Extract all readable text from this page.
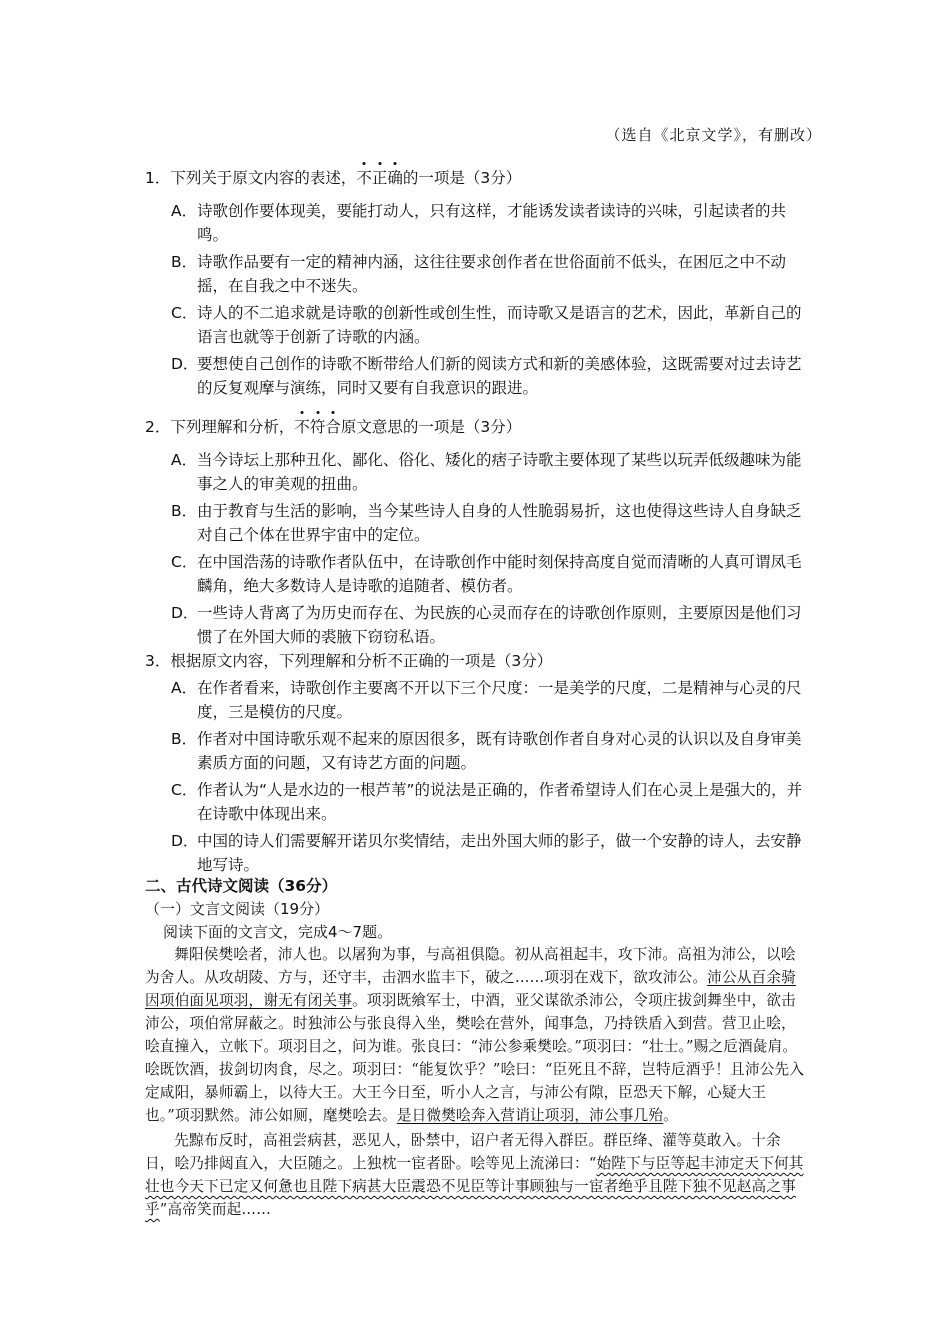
（选自《北京文学》，有删改）

1．下列关于原文内容的表述，不正确的一项是（3分）

A． 诗歌创作要体现美，要能打动人，只有这样，才能诱发读者读诗的兴味，引起读者的共鸣。
B． 诗歌作品要有一定的精神内涵，这往往要求创作者在世俗面前不低头，在困厄之中不动摇，在自我之中不迷失。
C． 诗人的不二追求就是诗歌的创新性或创生性，而诗歌又是语言的艺术，因此，革新自己的语言也就等于创新了诗歌的内涵。
D．
要想使自己创作的诗歌不断带给人们新的阅读方式和新的美感体验，这既需要对过去诗艺的反复观摩与演练，同时又要有自我意识的跟进。

2．下列理解和分析，不符合原文意思的一项是（3分）

A． 当今诗坛上那种丑化、鄙化、俗化、矮化的痞子诗歌主要体现了某些以玩弄低级趣味为能事之人的审美观的扭曲。
B． 由于教育与生活的影响，当今某些诗人自身的人性脆弱易折，这也使得这些诗人自身缺乏对自己个体在世界宇宙中的定位。
C． 在中国浩荡的诗歌作者队伍中，在诗歌创作中能时刻保持高度自觉而清晰的人真可谓凤毛麟角，绝大多数诗人是诗歌的追随者、模仿者。
D．
一些诗人背离了为历史而存在、为民族的心灵而存在的诗歌创作原则，主要原因是他们习惯了在外国大师的裘腋下窃窃私语。

3．根据原文内容，下列理解和分析不正确的一项是（3分）

A． 在作者看来，诗歌创作主要离不开以下三个尺度：一是美学的尺度，二是精神与心灵的尺度，三是模仿的尺度。
B． 作者对中国诗歌乐观不起来的原因很多，既有诗歌创作者自身对心灵的认识以及自身审美素质方面的问题，又有诗艺方面的问题。
C． 作者认为“人是水边的一根芦苇”的说法是正确的，作者希望诗人们在心灵上是强大的，并在诗歌中体现出来。
D．
中国的诗人们需要解开诺贝尔奖情结，走出外国大师的影子，做一个安静的诗人，去安静地写诗。
二、古代诗文阅读（36分）
（一）文言文阅读（19分）
阅读下面的文言文，完成4～7题。

舞阳侯樊哙者，沛人也。以屠狗为事，与高祖俱隐。初从高祖起丰，攻下沛。高祖为沛公，以哙为舍人。从攻胡陵、方与，还守丰，击泗水监丰下，破之……项羽在戏下，欲攻沛公。沛公从百余骑因项伯面见项羽，谢无有闭关事。项羽既飨军士，中酒，亚父谋欲杀沛公，令项庄拔剑舞坐中，欲击沛公，项伯常屏蔽之。时独沛公与张良得入坐，樊哙在营外，闻事急，乃持铁盾入到营。营卫止哙，哙直撞入，立帐下。项羽目之，问为谁。张良曰：“沛公参乘樊哙。”项羽曰：“壮士。”赐之卮酒彘肩。哙既饮酒，拔剑切肉食，尽之。项羽曰：“能复饮乎？”哙曰：“臣死且不辞，岂特卮酒乎！且沛公先入定咸阳，暴师霸上，以待大王。大王今日至，听小人之言，与沛公有隙，臣恐天下解，心疑大王也。”项羽默然。沛公如厕，麾樊哙去。是日微樊哙奔入营诮让项羽，沛公事几殆。

先黥布反时，高祖尝病甚，恶见人，卧禁中，诏户者无得入群臣。群臣绛、灌等莫敢入。十余日，哙乃排闼直入，大臣随之。上独枕一宦者卧。哙等见上流涕曰：“始陛下与臣等起丰沛定天下何其壮也今天下已定又何惫也且陛下病甚大臣震恐不见臣等计事顾独与一宦者绝乎且陛下独不见赵高之事乎”高帝笑而起……
